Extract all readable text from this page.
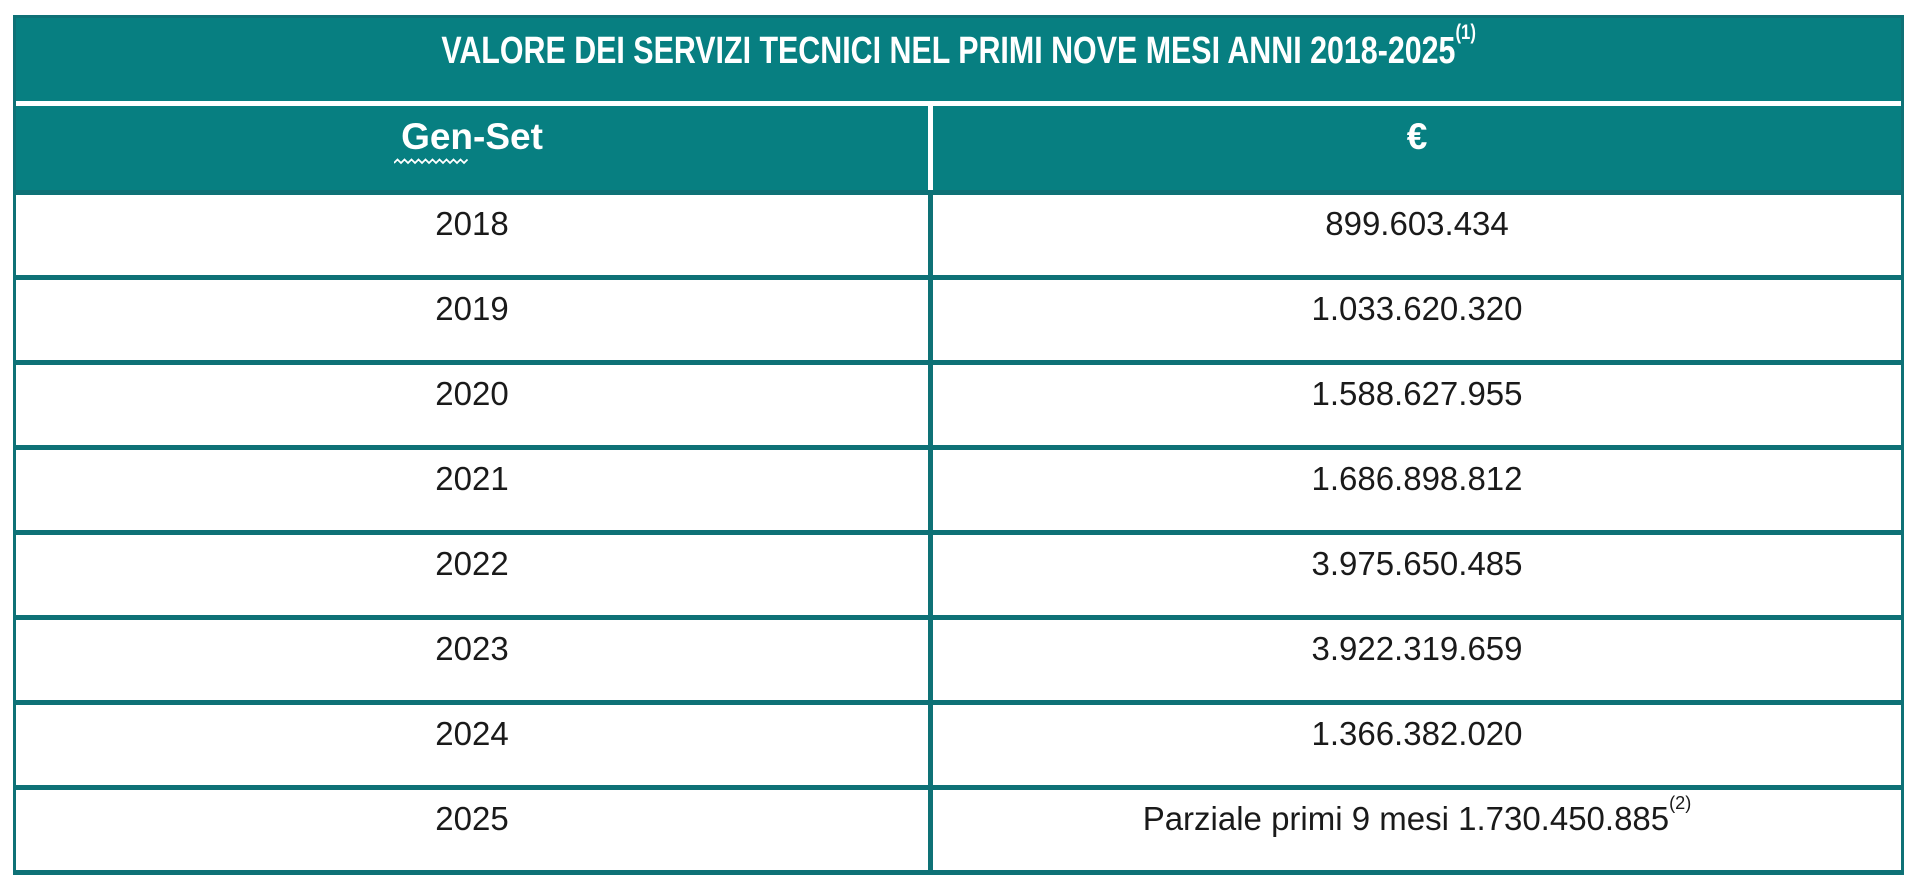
VALORE DEI SERVIZI TECNICI NEL PRIMI NOVE MESI ANNI 2018-2025$^{(1)}$
Gen-Set	€
2018	899.603.434
2019	1.033.620.320
2020	1.588.627.955
2021	1.686.898.812
2022	3.975.650.485
2023	3.922.319.659
2024	1.366.382.020
2025	Parziale primi 9 mesi 1.730.450.885$^{(2)}$
